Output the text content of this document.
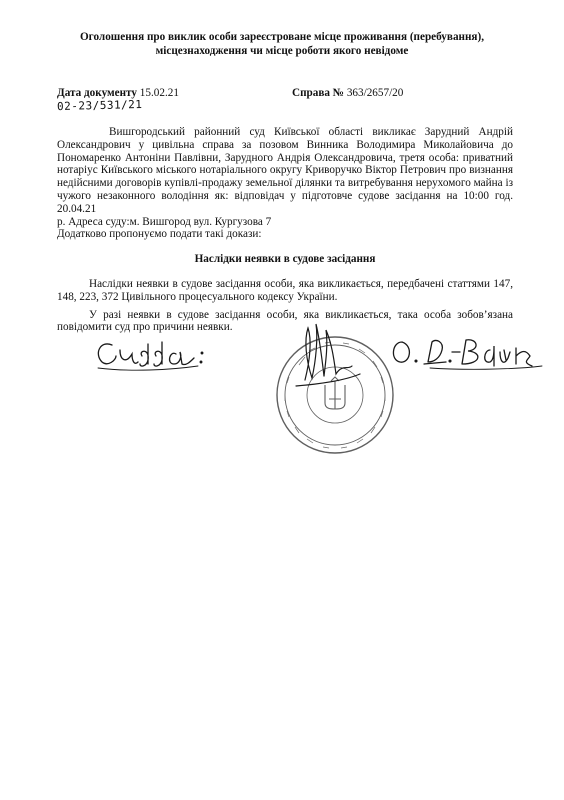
Оголошення про виклик особи зареєстроване місце проживання (перебування),
місцезнаходження чи місце роботи якого невідоме
Дата документу 15.02.21	Справа № 363/2657/20
02-23/531/21

Вишгородський районний суд Київської області викликає Зарудний Андрій Олександрович у цивільна справа за позовом Винника Володимира Миколайовича до Пономаренко Антоніни Павлівни, Зарудного Андрія Олександровича, третя особа: приватний нотаріус Київського міського нотаріального округу Криворучко Віктор Петрович про визнання недійсними договорів купівлі-продажу земельної ділянки та витребування нерухомого майна із чужого незаконного володіння як: відповідач у підготовче судове засідання на 10:00 год. 20.04.21

р. Адреса суду:м. Вишгород вул. Кургузова 7

Додатково пропонуємо подати такі докази:

Наслідки неявки в судове засідання

Наслідки неявки в судове засідання особи, яка викликається, передбачені статтями 147, 148, 223, 372 Цивільного процесуального кодексу України.

У разі неявки в судове засідання особи, яка викликається, така особа зобов’язана повідомити суд про причини неявки.
